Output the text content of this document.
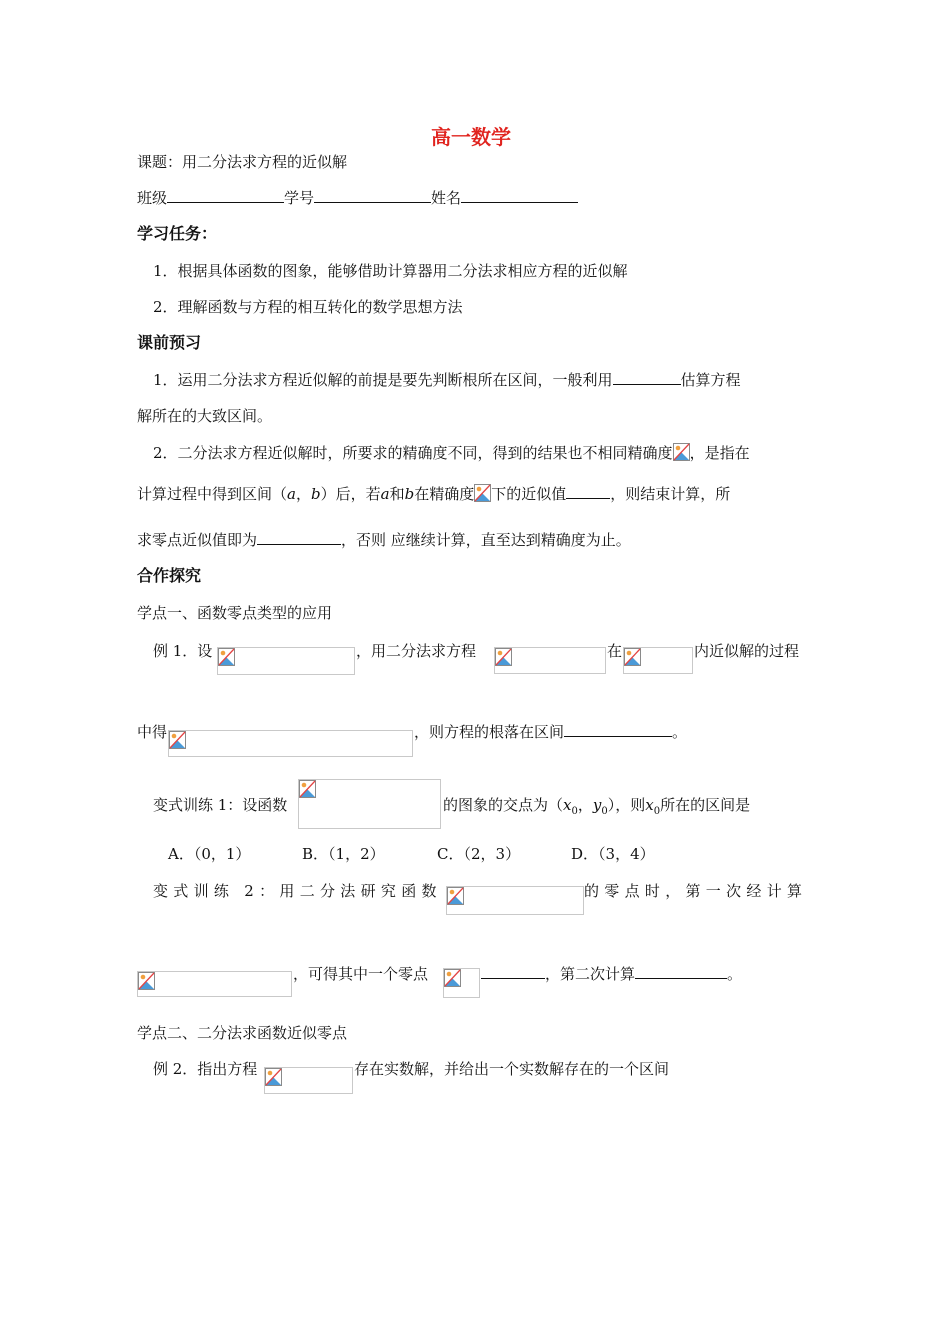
高一数学
课题：用二分法求方程的近似解
班级	学号	姓名
学习任务：
1．根据具体函数的图象，能够借助计算器用二分法求相应方程的近似解
2．理解函数与方程的相互转化的数学思想方法
课前预习
1．运用二分法求方程近似解的前提是要先判断根所在区间，一般利用	估算方程
解所在的大致区间。
2．二分法求方程近似解时，所要求的精确度不同，得到的结果也不相同精确度 ，是指在
计算过程中得到区间（a，b）后，若a和b在精确度 下的近似值	，则结束计算，所
求零点近似值即为	，否则 应继续计算，直至达到精确度为止。
合作探究
学点一、函数零点类型的应用
例 1．设	，用二分法求方程	在	内近似解的过程
中得	，则方程的根落在区间	。
变式训练 1：设函数	的图象的交点为（$x_0$，$y_0$），则$x_0$所在的区间是
A．（0，1）	B．（1，2）	C．（2，3）	D．（3，4）
变式训练 2：用二分法研究函数	的零点时，第一次经计算
，可得其中一个零点	，第二次计算	。
学点二、二分法求函数近似零点
例 2．指出方程	存在实数解，并给出一个实数解存在的一个区间
